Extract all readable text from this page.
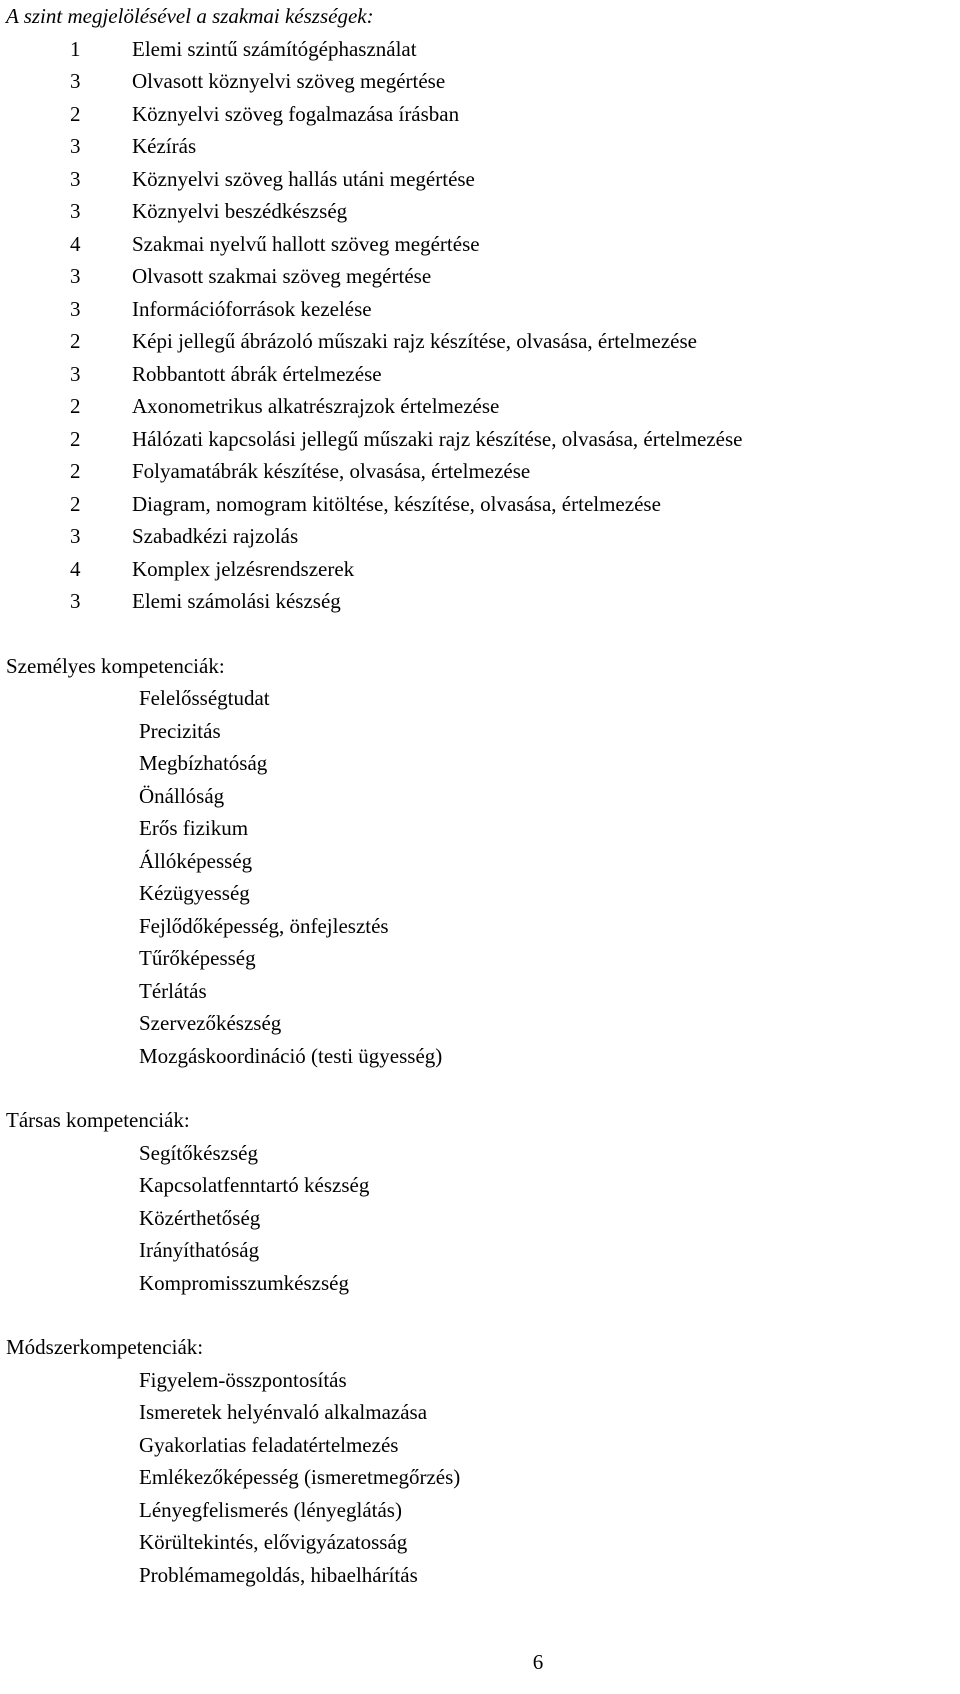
A szint megjelölésével a szakmai készségek:
1	Elemi szintű számítógéphasználat
3	Olvasott köznyelvi szöveg megértése
2	Köznyelvi szöveg fogalmazása írásban
3	Kézírás
3	Köznyelvi szöveg hallás utáni megértése
3	Köznyelvi beszédkészség
4	Szakmai nyelvű hallott szöveg megértése
3	Olvasott szakmai szöveg megértése
3	Információforrások kezelése
2	Képi jellegű ábrázoló műszaki rajz készítése, olvasása, értelmezése
3	Robbantott ábrák értelmezése
2	Axonometrikus alkatrészrajzok értelmezése
2	Hálózati kapcsolási jellegű műszaki rajz készítése, olvasása, értelmezése
2	Folyamatábrák készítése, olvasása, értelmezése
2	Diagram, nomogram kitöltése, készítése, olvasása, értelmezése
3	Szabadkézi rajzolás
4	Komplex jelzésrendszerek
3	Elemi számolási készség
Személyes kompetenciák:
Felelősségtudat
Precizitás
Megbízhatóság
Önállóság
Erős fizikum
Állóképesség
Kézügyesség
Fejlődőképesség, önfejlesztés
Tűrőképesség
Térlátás
Szervezőkészség
Mozgáskoordináció (testi ügyesség)
Társas kompetenciák:
Segítőkészség
Kapcsolatfenntartó készség
Közérthetőség
Irányíthatóság
Kompromisszumkészség
Módszerkompetenciák:
Figyelem-összpontosítás
Ismeretek helyénvaló alkalmazása
Gyakorlatias feladatértelmezés
Emlékezőképesség (ismeretmegőrzés)
Lényegfelismerés (lényeglátás)
Körültekintés, elővigyázatosság
Problémamegoldás, hibaelhárítás
6
